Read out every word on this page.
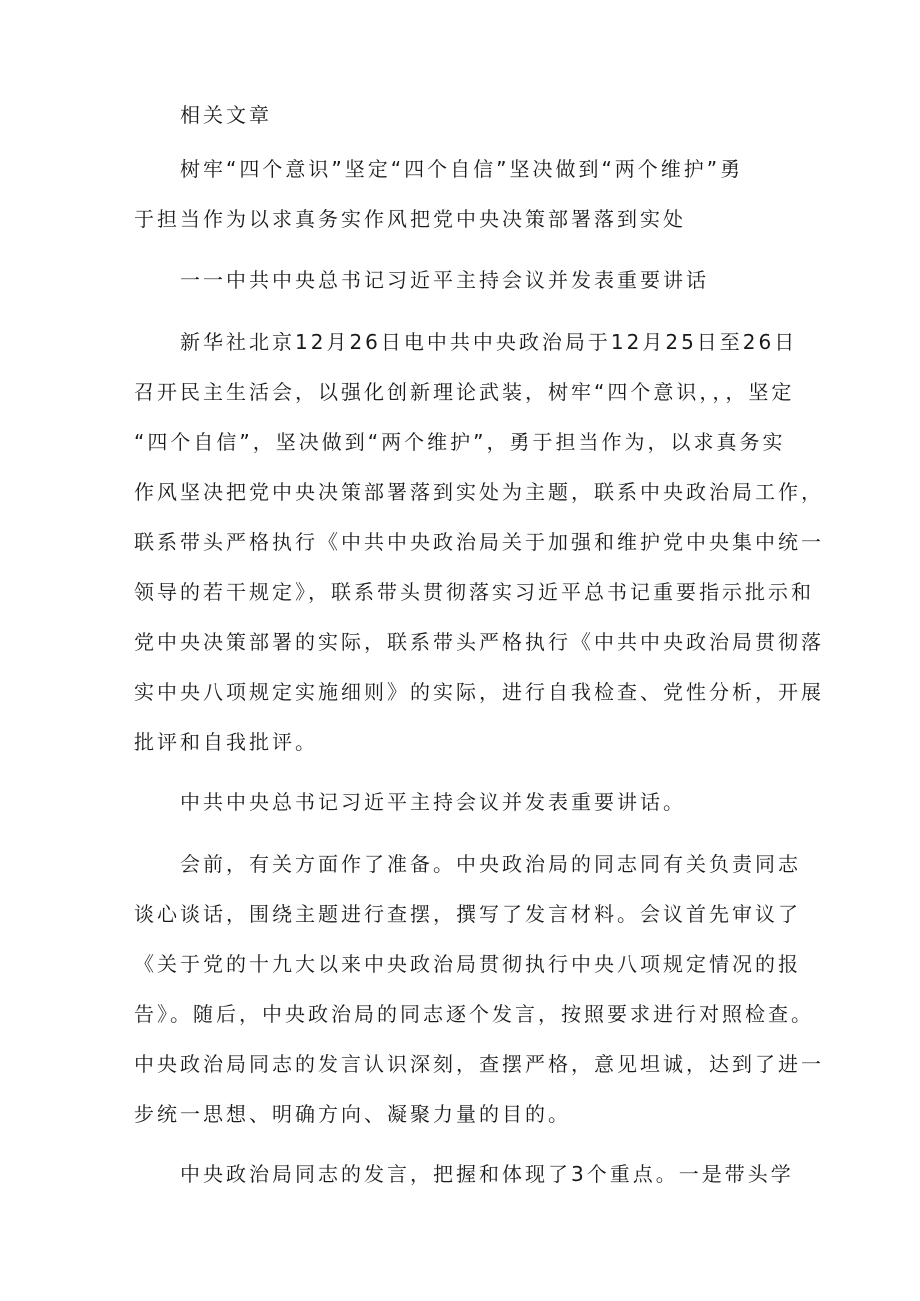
相关文章
树牢“四个意识”坚定“四个自信”坚决做到“两个维护”勇
于担当作为以求真务实作风把党中央决策部署落到实处
一一中共中央总书记习近平主持会议并发表重要讲话
新华社北京12月26日电中共中央政治局于12月25日至26日
召开民主生活会，以强化创新理论武装，树牢“四个意识，，，坚定
“四个自信”，坚决做到“两个维护”，勇于担当作为，以求真务实
作风坚决把党中央决策部署落到实处为主题，联系中央政治局工作，
联系带头严格执行《中共中央政治局关于加强和维护党中央集中统一
领导的若干规定》，联系带头贯彻落实习近平总书记重要指示批示和
党中央决策部署的实际，联系带头严格执行《中共中央政治局贯彻落
实中央八项规定实施细则》的实际，进行自我检查、党性分析，开展
批评和自我批评。
中共中央总书记习近平主持会议并发表重要讲话。
会前，有关方面作了准备。中央政治局的同志同有关负责同志
谈心谈话，围绕主题进行查摆，撰写了发言材料。会议首先审议了
《关于党的十九大以来中央政治局贯彻执行中央八项规定情况的报
告》。随后，中央政治局的同志逐个发言，按照要求进行对照检查。
中央政治局同志的发言认识深刻，查摆严格，意见坦诚，达到了进一
步统一思想、明确方向、凝聚力量的目的。
中央政治局同志的发言，把握和体现了3个重点。一是带头学
